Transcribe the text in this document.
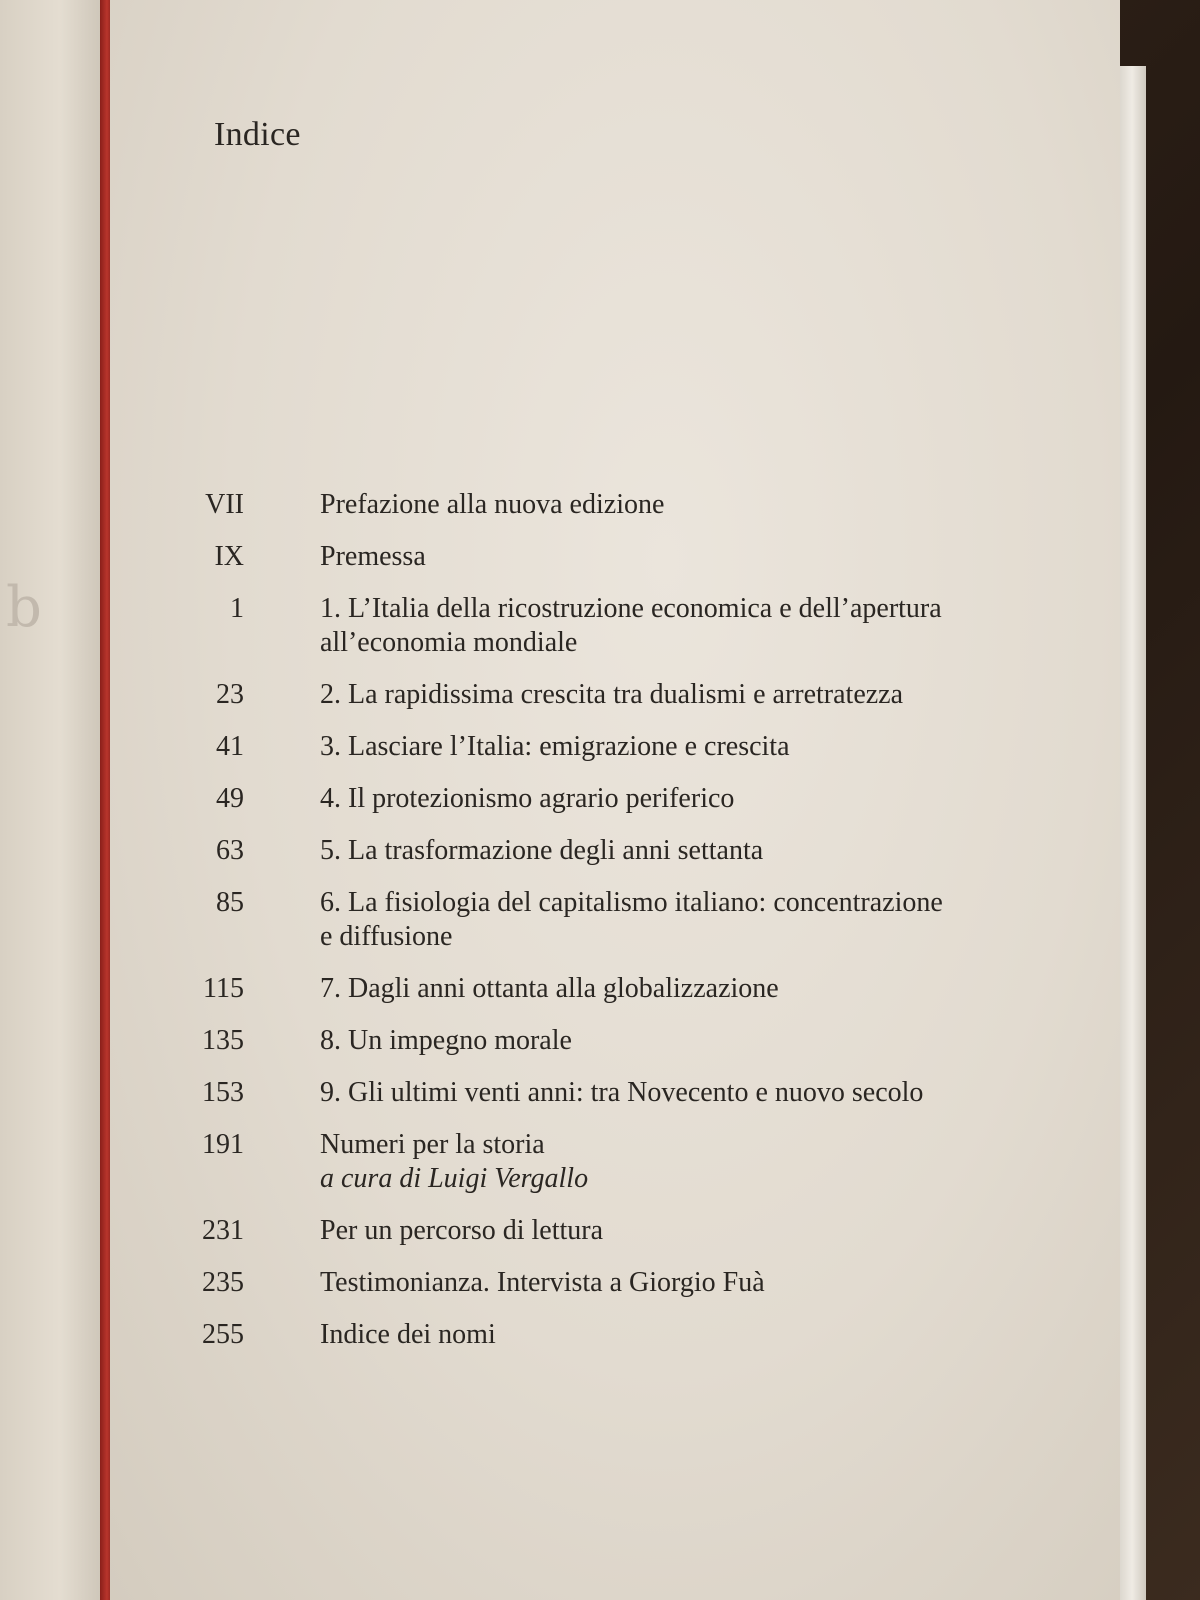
b
Indice
VII	Prefazione alla nuova edizione
IX	Premessa
1	1. L’Italia della ricostruzione economica e dell’apertura
all’economia mondiale
23	2. La rapidissima crescita tra dualismi e arretratezza
41	3. Lasciare l’Italia: emigrazione e crescita
49	4. Il protezionismo agrario periferico
63	5. La trasformazione degli anni settanta
85	6. La fisiologia del capitalismo italiano: concentrazione
e diffusione
115	7. Dagli anni ottanta alla globalizzazione
135	8. Un impegno morale
153	9. Gli ultimi venti anni: tra Novecento e nuovo secolo
191	Numeri per la storia
a cura di Luigi Vergallo
231	Per un percorso di lettura
235	Testimonianza. Intervista a Giorgio Fuà
255	Indice dei nomi
